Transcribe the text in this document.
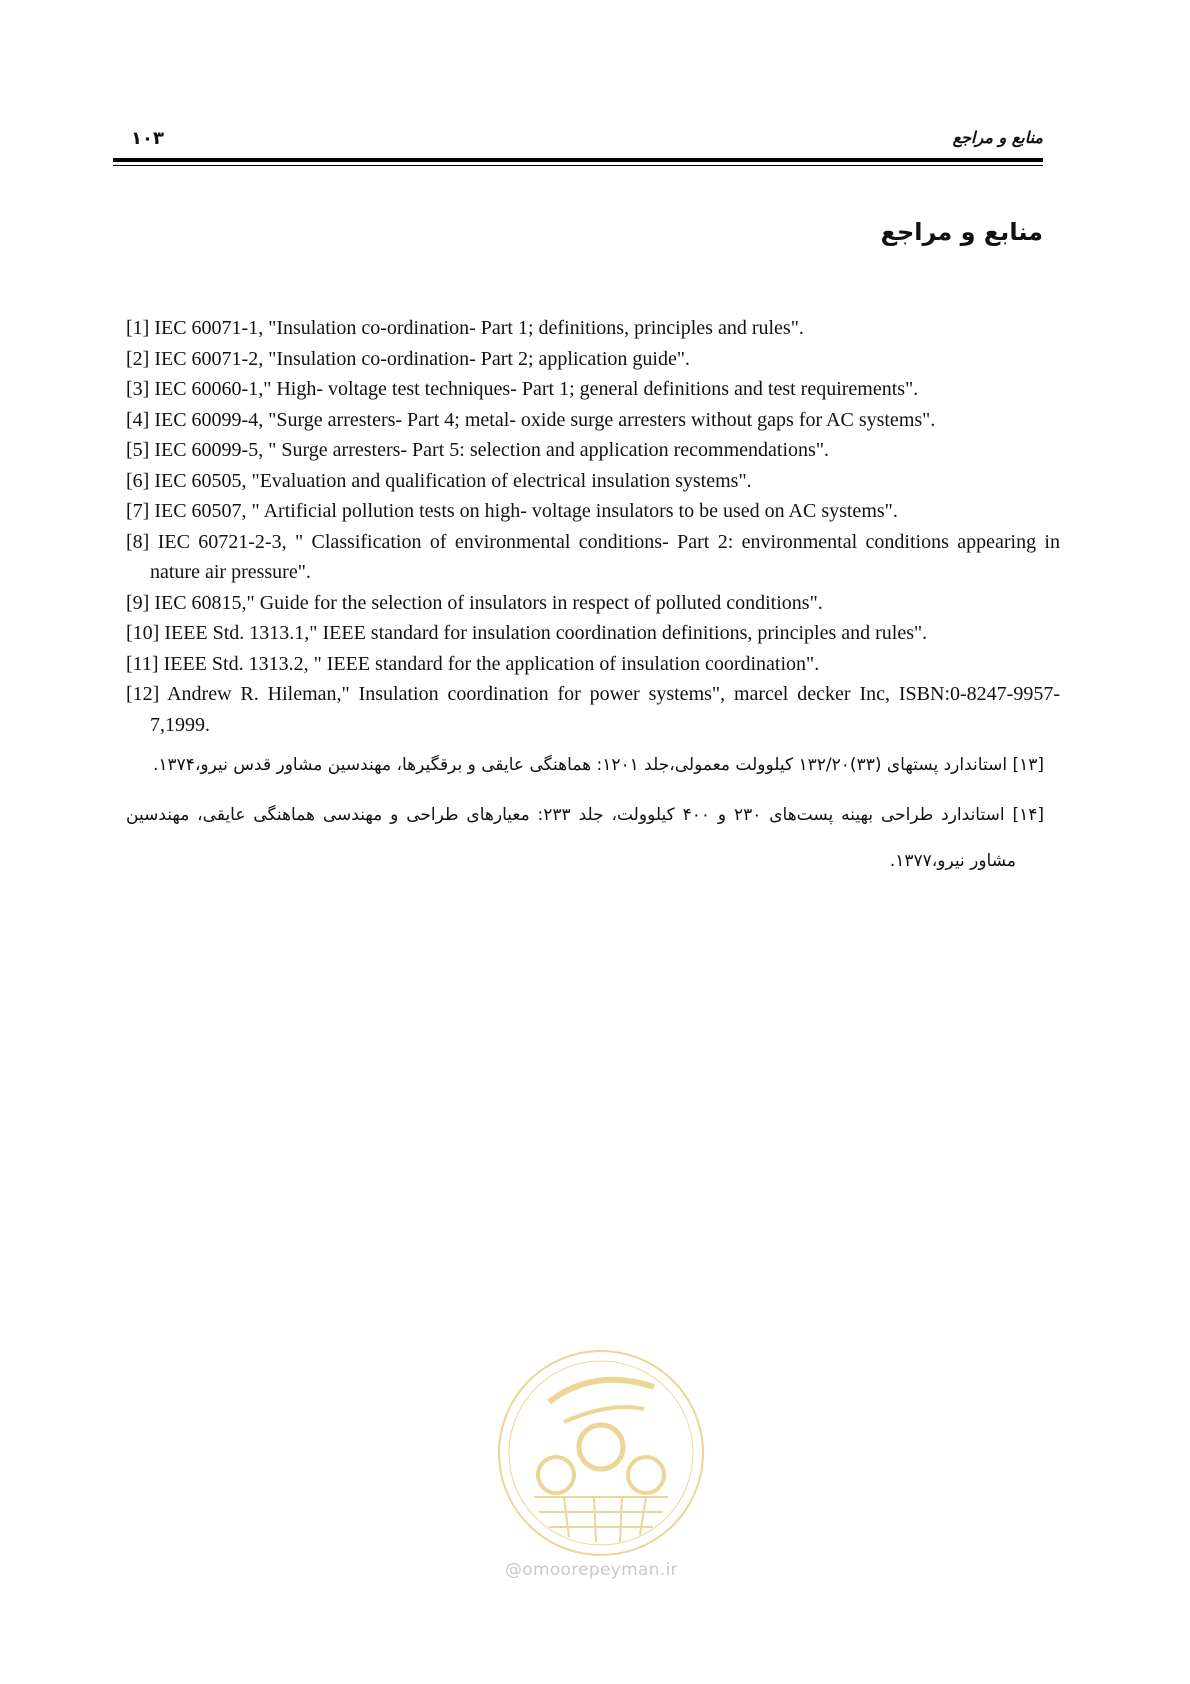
۱۰۳	منابع و مراجع
منابع و مراجع
[1] IEC 60071-1, "Insulation co-ordination- Part 1; definitions, principles and rules".
[2] IEC 60071-2, "Insulation co-ordination- Part 2; application guide".
[3] IEC 60060-1," High- voltage test techniques- Part 1; general definitions and test requirements".
[4] IEC 60099-4, "Surge arresters- Part 4; metal- oxide surge arresters without gaps for AC systems".
[5] IEC 60099-5, " Surge arresters- Part 5: selection and application recommendations".
[6] IEC 60505, "Evaluation and qualification of electrical insulation systems".
[7] IEC 60507, " Artificial pollution tests on high- voltage insulators to be used on AC systems".
[8] IEC 60721-2-3, " Classification of environmental conditions- Part 2: environmental conditions appearing in nature air pressure".
[9] IEC 60815," Guide for the selection of insulators in respect of polluted conditions".
[10] IEEE Std. 1313.1," IEEE standard for insulation coordination definitions, principles and rules".
[11] IEEE Std. 1313.2, " IEEE standard for the application of insulation coordination".
[12] Andrew R. Hileman," Insulation coordination for power systems", marcel decker Inc, ISBN:0-8247-9957-7,1999.
[۱۳] استاندارد پستهای (۳۳)۱۳۲/۲۰ کیلوولت معمولی،جلد ۱۲۰۱: هماهنگی عایقی و برقگیرها، مهندسین مشاور قدس نیرو،۱۳۷۴.
[۱۴] استاندارد طراحی بهینه پست‌های ۲۳۰ و ۴۰۰ کیلوولت، جلد ۲۳۳: معیارهای طراحی و مهندسی هماهنگی عایقی، مهندسین مشاور نیرو،۱۳۷۷.
@omoorepeyman.ir
